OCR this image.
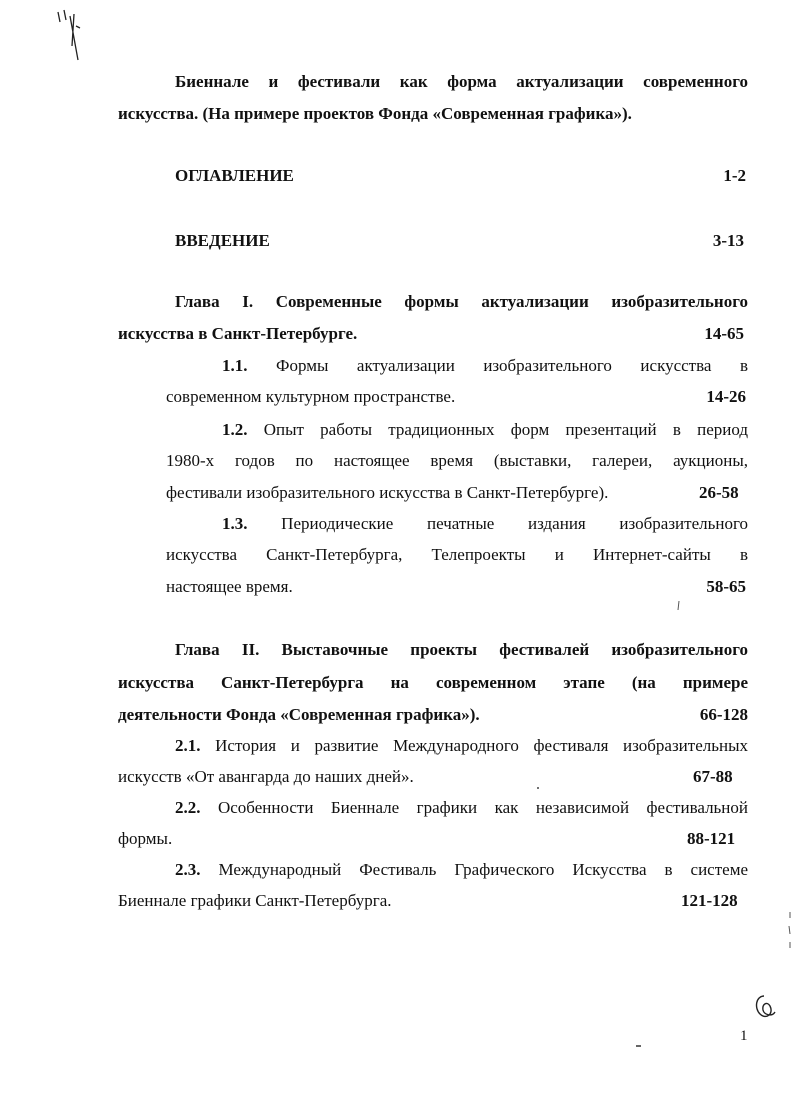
Биеннале и фестивали как форма актуализации современного
искусства. (На примере проектов Фонда «Современная графика»).
ОГЛАВЛЕНИЕ	1-2
ВВЕДЕНИЕ	3-13
Глава I. Современные формы актуализации изобразительного
искусства в Санкт-Петербурге.	14-65
1.1. Формы актуализации изобразительного искусства в
современном культурном пространстве.	14-26
1.2. Опыт работы традиционных форм презентаций в период
1980-х годов по настоящее время (выставки, галереи, аукционы,
фестивали изобразительного искусства в Санкт-Петербурге).	26-58
1.3. Периодические печатные издания изобразительного
искусства Санкт-Петербурга, Телепроекты и Интернет-сайты в
настоящее время.	58-65
Глава II. Выставочные проекты фестивалей изобразительного
искусства Санкт-Петербурга на современном этапе (на примере
деятельности Фонда «Современная графика»).	66-128
2.1. История и развитие Международного фестиваля изобразительных
искусств «От авангарда до наших дней».	67-88
2.2. Особенности Биеннале графики как независимой фестивальной
формы.	88-121
2.3. Международный Фестиваль Графического Искусства в системе
Биеннале графики Санкт-Петербурга.	121-128
1
